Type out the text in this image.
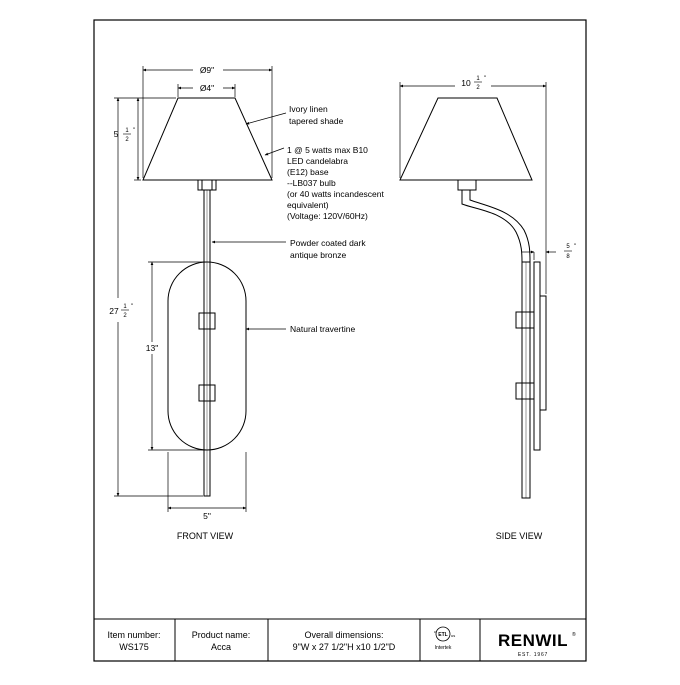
Ø9"
Ø4"
5 1
2
"
27 1
2
"
13"
5"
Ivory linen tapered shade
1 @ 5 watts max B10 LED candelabra (E12) base --LB037 bulb (or 40 watts incandescent equivalent) (Voltage: 120V/60Hz)
Powder coated dark antique bronze
Natural travertine
FRONT VIEW
10 1
2
"
5
8
"
SIDE VIEW
Item number:
WS175
Product name:
Acca
Overall dimensions:
9"W x 27 1/2"H x10 1/2"D
c
ETL us
Intertek	RENWIL ®
EST. 1967
